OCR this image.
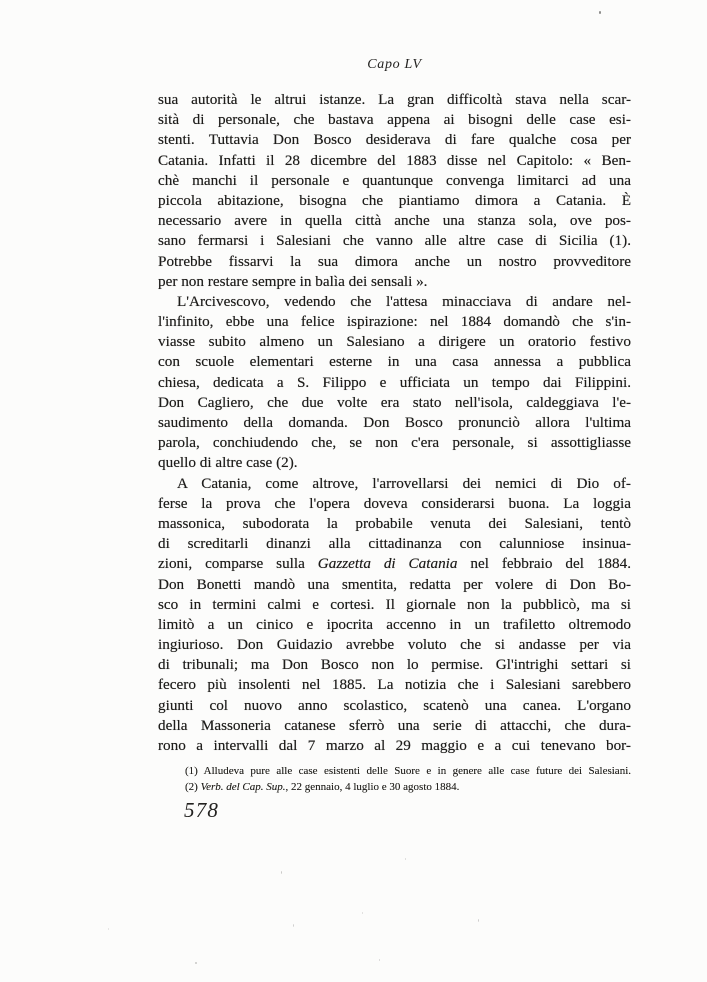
Capo LV
sua autorità le altrui istanze. La gran difficoltà stava nella scar-
sità di personale, che bastava appena ai bisogni delle case esi-
stenti. Tuttavia Don Bosco desiderava di fare qualche cosa per
Catania. Infatti il 28 dicembre del 1883 disse nel Capitolo: « Ben-
chè manchi il personale e quantunque convenga limitarci ad una
piccola abitazione, bisogna che piantiamo dimora a Catania. È
necessario avere in quella città anche una stanza sola, ove pos-
sano fermarsi i Salesiani che vanno alle altre case di Sicilia (1).
Potrebbe fissarvi la sua dimora anche un nostro provveditore
per non restare sempre in balìa dei sensali ».
L'Arcivescovo, vedendo che l'attesa minacciava di andare nel-
l'infinito, ebbe una felice ispirazione: nel 1884 domandò che s'in-
viasse subito almeno un Salesiano a dirigere un oratorio festivo
con scuole elementari esterne in una casa annessa a pubblica
chiesa, dedicata a S. Filippo e ufficiata un tempo dai Filippini.
Don Cagliero, che due volte era stato nell'isola, caldeggiava l'e-
saudimento della domanda. Don Bosco pronunciò allora l'ultima
parola, conchiudendo che, se non c'era personale, si assottigliasse
quello di altre case (2).
A Catania, come altrove, l'arrovellarsi dei nemici di Dio of-
ferse la prova che l'opera doveva considerarsi buona. La loggia
massonica, subodorata la probabile venuta dei Salesiani, tentò
di screditarli dinanzi alla cittadinanza con calunniose insinua-
zioni, comparse sulla Gazzetta di Catania nel febbraio del 1884.
Don Bonetti mandò una smentita, redatta per volere di Don Bo-
sco in termini calmi e cortesi. Il giornale non la pubblicò, ma si
limitò a un cinico e ipocrita accenno in un trafiletto oltremodo
ingiurioso. Don Guidazio avrebbe voluto che si andasse per via
di tribunali; ma Don Bosco non lo permise. Gl'intrighi settari si
fecero più insolenti nel 1885. La notizia che i Salesiani sarebbero
giunti col nuovo anno scolastico, scatenò una canea. L'organo
della Massoneria catanese sferrò una serie di attacchi, che dura-
rono a intervalli dal 7 marzo al 29 maggio e a cui tenevano bor-
(1) Alludeva pure alle case esistenti delle Suore e in genere alle case future dei Salesiani.
(2) Verb. del Cap. Sup., 22 gennaio, 4 luglio e 30 agosto 1884.
578
